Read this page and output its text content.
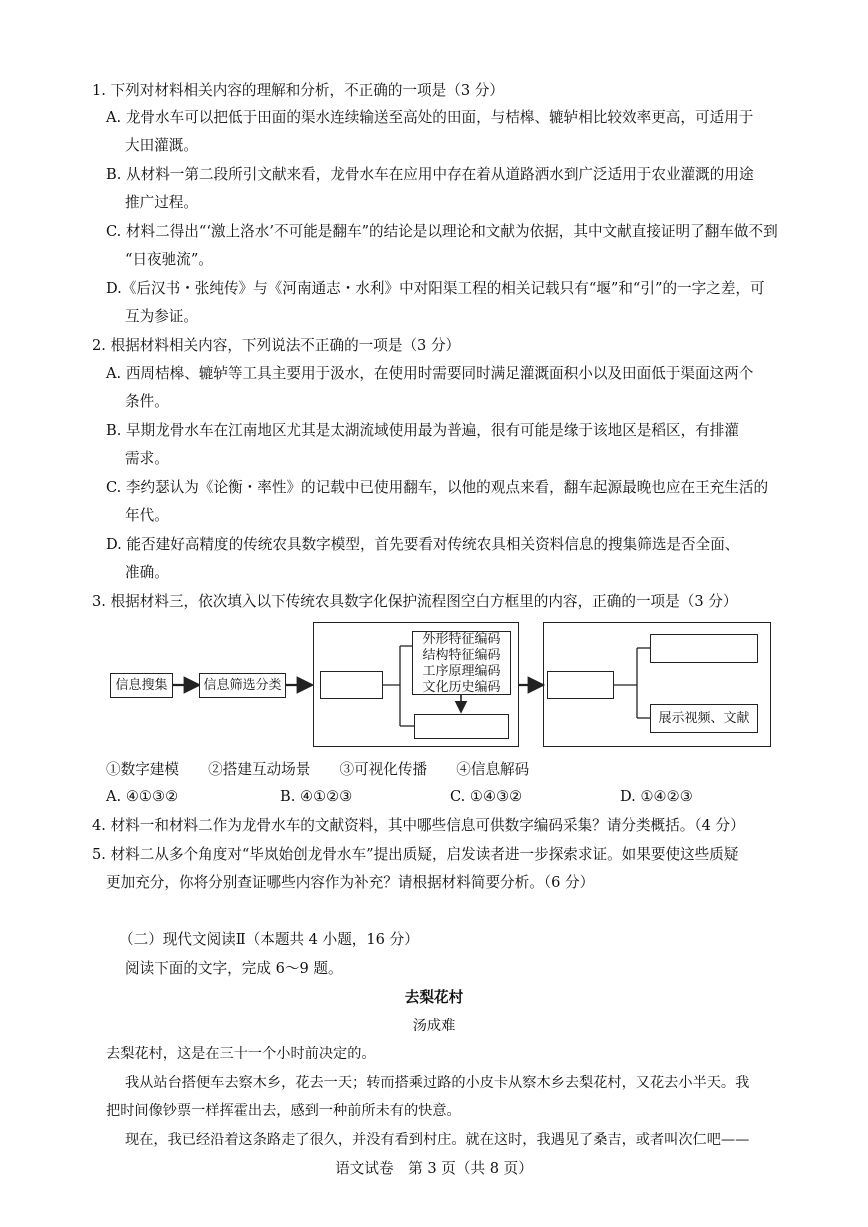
1. 下列对材料相关内容的理解和分析，不正确的一项是（3 分）
A. 龙骨水车可以把低于田面的渠水连续输送至高处的田面，与桔槔、辘轳相比较效率更高，可适用于
大田灌溉。
B. 从材料一第二段所引文献来看，龙骨水车在应用中存在着从道路洒水到广泛适用于农业灌溉的用途
推广过程。
C. 材料二得出“‘激上洛水’不可能是翻车”的结论是以理论和文献为依据，其中文献直接证明了翻车做不到
“日夜驰流”。
D.《后汉书・张纯传》与《河南通志・水利》中对阳渠工程的相关记载只有“堰”和“引”的一字之差，可
互为参证。
2. 根据材料相关内容，下列说法不正确的一项是（3 分）
A. 西周桔槔、辘轳等工具主要用于汲水，在使用时需要同时满足灌溉面积小以及田面低于渠面这两个
条件。
B. 早期龙骨水车在江南地区尤其是太湖流域使用最为普遍，很有可能是缘于该地区是稻区，有排灌
需求。
C. 李约瑟认为《论衡・率性》的记载中已使用翻车，以他的观点来看，翻车起源最晚也应在王充生活的
年代。
D. 能否建好高精度的传统农具数字模型，首先要看对传统农具相关资料信息的搜集筛选是否全面、
准确。
3. 根据材料三，依次填入以下传统农具数字化保护流程图空白方框里的内容，正确的一项是（3 分）
信息搜集	信息筛选分类
外形特征编码
结构特征编码
工序原理编码
文化历史编码
展示视频、文献
①数字建模　　②搭建互动场景　　③可视化传播　　④信息解码
A. ④①③②	B. ④①②③	C. ①④③②	D. ①④②③
4. 材料一和材料二作为龙骨水车的文献资料，其中哪些信息可供数字编码采集？请分类概括。（4 分）
5. 材料二从多个角度对“毕岚始创龙骨水车”提出质疑，启发读者进一步探索求证。如果要使这些质疑
更加充分，你将分别查证哪些内容作为补充？请根据材料简要分析。（6 分）
（二）现代文阅读Ⅱ（本题共 4 小题，16 分）
阅读下面的文字，完成 6～9 题。
去梨花村
汤成难
去梨花村，这是在三十一个小时前决定的。
我从站台搭便车去察木乡，花去一天；转而搭乘过路的小皮卡从察木乡去梨花村，又花去小半天。我
把时间像钞票一样挥霍出去，感到一种前所未有的快意。
现在，我已经沿着这条路走了很久，并没有看到村庄。就在这时，我遇见了桑吉，或者叫次仁吧——
语文试卷　第 3 页（共 8 页）
